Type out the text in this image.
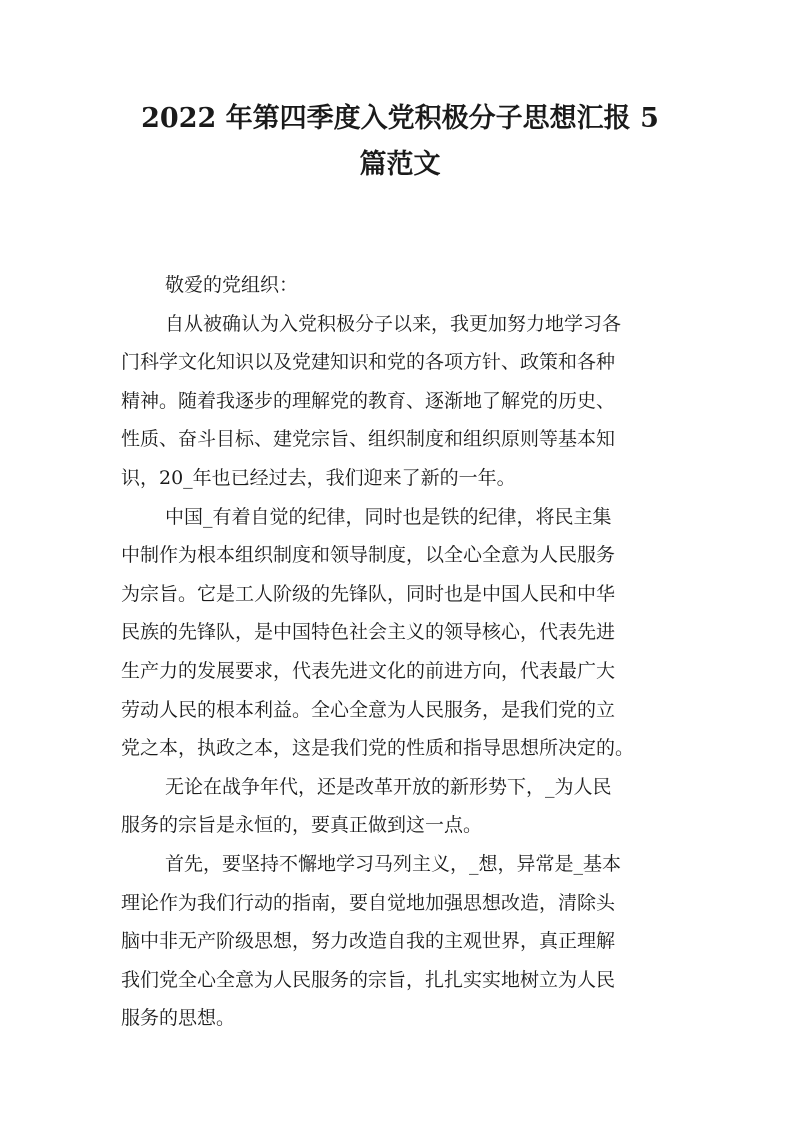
2022 年第四季度入党积极分子思想汇报 5
篇范文

敬爱的党组织：

自从被确认为入党积极分子以来，我更加努力地学习各
门科学文化知识以及党建知识和党的各项方针、政策和各种
精神。随着我逐步的理解党的教育、逐渐地了解党的历史、
性质、奋斗目标、建党宗旨、组织制度和组织原则等基本知
识，20_年也已经过去，我们迎来了新的一年。

中国_有着自觉的纪律，同时也是铁的纪律，将民主集
中制作为根本组织制度和领导制度，以全心全意为人民服务
为宗旨。它是工人阶级的先锋队，同时也是中国人民和中华
民族的先锋队，是中国特色社会主义的领导核心，代表先进
生产力的发展要求，代表先进文化的前进方向，代表最广大
劳动人民的根本利益。全心全意为人民服务，是我们党的立
党之本，执政之本，这是我们党的性质和指导思想所决定的。

无论在战争年代，还是改革开放的新形势下，_为人民
服务的宗旨是永恒的，要真正做到这一点。

首先，要坚持不懈地学习马列主义，_想，异常是_基本
理论作为我们行动的指南，要自觉地加强思想改造，清除头
脑中非无产阶级思想，努力改造自我的主观世界，真正理解
我们党全心全意为人民服务的宗旨，扎扎实实地树立为人民
服务的思想。
